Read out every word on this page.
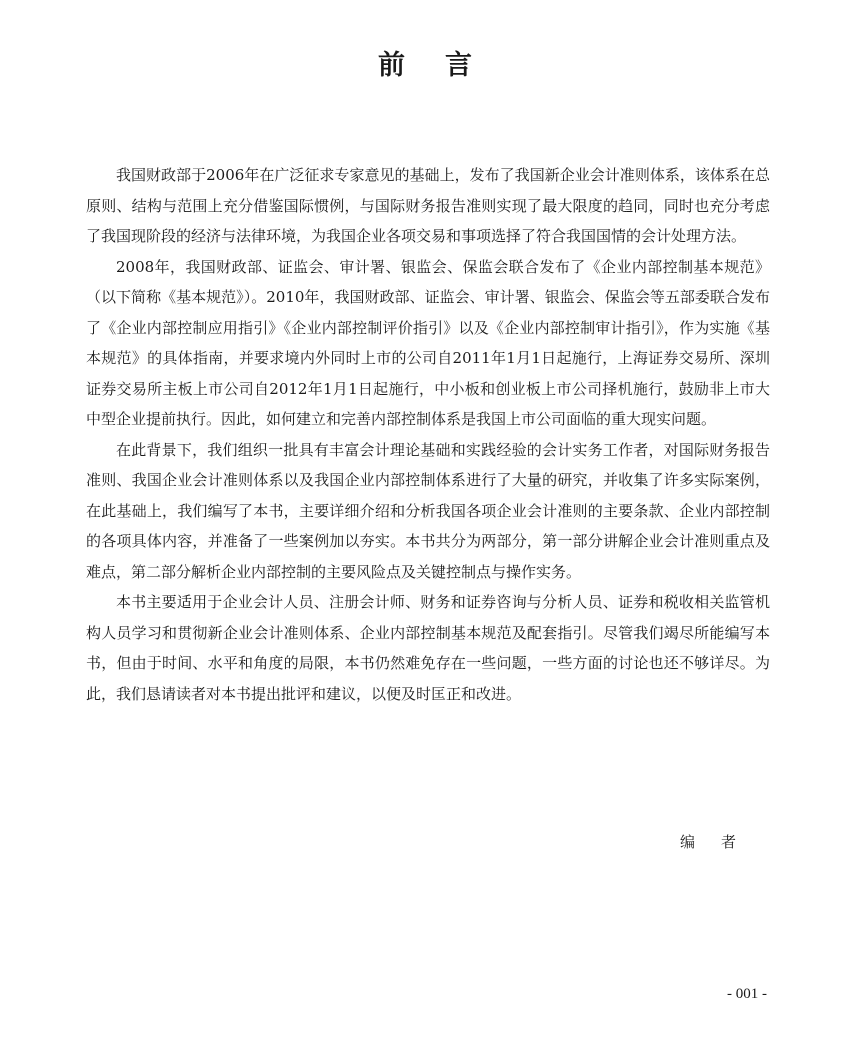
前言

我国财政部于2006年在广泛征求专家意见的基础上，发布了我国新企业会计准则体系，该体系在总原则、结构与范围上充分借鉴国际惯例，与国际财务报告准则实现了最大限度的趋同，同时也充分考虑了我国现阶段的经济与法律环境，为我国企业各项交易和事项选择了符合我国国情的会计处理方法。

2008年，我国财政部、证监会、审计署、银监会、保监会联合发布了《企业内部控制基本规范》（以下简称《基本规范》）。2010年，我国财政部、证监会、审计署、银监会、保监会等五部委联合发布了《企业内部控制应用指引》《企业内部控制评价指引》以及《企业内部控制审计指引》，作为实施《基本规范》的具体指南，并要求境内外同时上市的公司自2011年1月1日起施行，上海证券交易所、深圳证券交易所主板上市公司自2012年1月1日起施行，中小板和创业板上市公司择机施行，鼓励非上市大中型企业提前执行。因此，如何建立和完善内部控制体系是我国上市公司面临的重大现实问题。

在此背景下，我们组织一批具有丰富会计理论基础和实践经验的会计实务工作者，对国际财务报告准则、我国企业会计准则体系以及我国企业内部控制体系进行了大量的研究，并收集了许多实际案例，在此基础上，我们编写了本书，主要详细介绍和分析我国各项企业会计准则的主要条款、企业内部控制的各项具体内容，并准备了一些案例加以夯实。本书共分为两部分，第一部分讲解企业会计准则重点及难点，第二部分解析企业内部控制的主要风险点及关键控制点与操作实务。

本书主要适用于企业会计人员、注册会计师、财务和证券咨询与分析人员、证券和税收相关监管机构人员学习和贯彻新企业会计准则体系、企业内部控制基本规范及配套指引。尽管我们竭尽所能编写本书，但由于时间、水平和角度的局限，本书仍然难免存在一些问题，一些方面的讨论也还不够详尽。为此，我们恳请读者对本书提出批评和建议，以便及时匡正和改进。

编者
- 001 -
